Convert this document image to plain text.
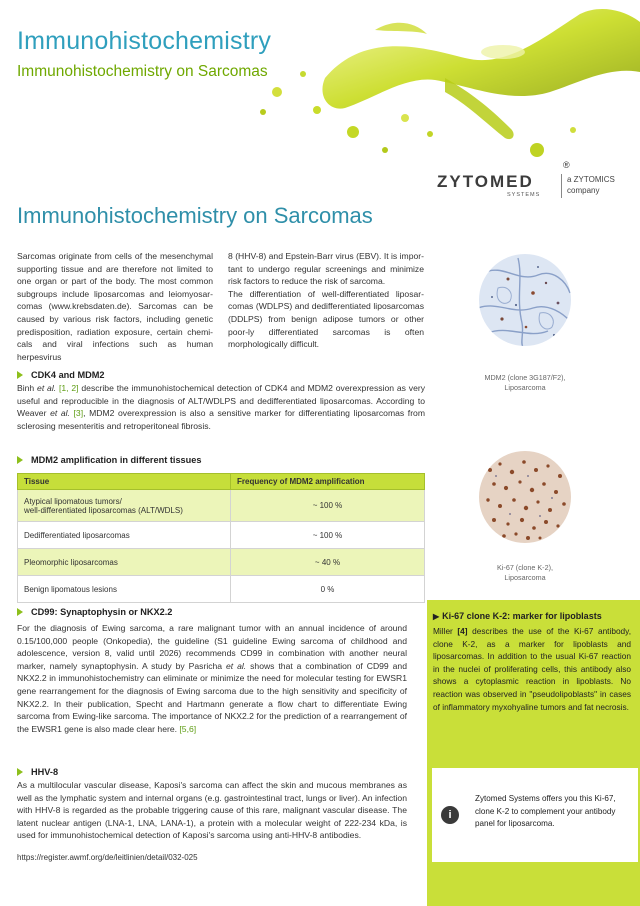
Immunohistochemistry
Immunohistochemistry on Sarcomas
ZYTOMED
®
SYSTEMS
a ZYTOMICS
company
Immunohistochemistry on Sarcomas
Sarcomas originate from cells of the mesenchymal supporting tissue and are therefore not limited to one organ or part of the body. The most common subgroups include liposarcomas and leiomyosar-comas (www.krebsdaten.de). Sarcomas can be caused by various risk factors, including genetic predisposition, radiation exposure, certain chemi-cals and viral infections such as human herpesvirus
8 (HHV-8) and Epstein-Barr virus (EBV). It is impor-tant to undergo regular screenings and minimize risk factors to reduce the risk of sarcoma.
The differentiation of well-differentiated liposar-comas (WDLPS) and dedifferentiated liposarcomas (DDLPS) from benign adipose tumors or other poor-ly differentiated sarcomas is often morphologically difficult.
MDM2 (clone 3G187/F2),
Liposarcoma
Ki-67 (clone K-2),
Liposarcoma
CDK4 and MDM2
Binh et al. [1, 2] describe the immunohistochemical detection of CDK4 and MDM2 overexpression as very useful and reproducible in the diagnosis of ALT/WDLPS and dedifferentiated liposarcomas. According to Weaver et al. [3], MDM2 overexpression is also a sensitive marker for differentiating liposarcomas from sclerosing mesenteritis and retroperitoneal fibrosis.
MDM2 amplification in different tissues
Tissue	Frequency of MDM2 amplification
Atypical lipomatous tumors/
well-differentiated liposarcomas (ALT/WDLS)	~ 100 %
Dedifferentiated liposarcomas	~ 100 %
Pleomorphic liposarcomas	~ 40 %
Benign lipomatous lesions	0 %
CD99: Synaptophysin or NKX2.2
For the diagnosis of Ewing sarcoma, a rare malignant tumor with an annual incidence of around 0.15/100,000 people (Onkopedia), the guideline (S1 guideline Ewing sarcoma of childhood and adolescence, version 8, valid until 2026) recommends CD99 in combination with another neural marker, namely synaptophysin. A study by Pasricha et al. shows that a combination of CD99 and NKX2.2 in immunohistochemistry can eliminate or minimize the need for molecular testing for EWSR1 gene rearrangement for the diagnosis of Ewing sarcoma due to the high sensitivity and specificity of NKX2.2. In their publication, Specht and Hartmann generate a flow chart to differentiate Ewing sarcoma from Ewing-like sarcoma. The importance of NKX2.2 for the prediction of a rearrangement of the EWSR1 gene is also made clear here. [5,6]
HHV-8
As a multilocular vascular disease, Kaposi's sarcoma can affect the skin and mucous membranes as well as the lymphatic system and internal organs (e.g. gastrointestinal tract, lungs or liver). An infection with HHV-8 is regarded as the probable triggering cause of this rare, malignant vascular disease. The latent nuclear antigen (LNA-1, LNA, LANA-1), a protein with a molecular weight of 222-234 kDa, is used for immunohistochemical detection of Kaposi's sarcoma using anti-HHV-8 antibodies.
https://register.awmf.org/de/leitlinien/detail/032-025
▶ Ki-67 clone K-2: marker for lipoblasts
Miller [4] describes the use of the Ki-67 antibody, clone K-2, as a marker for lipoblasts and liposarcomas. In addition to the usual Ki-67 reaction in the nuclei of proliferating cells, this antibody also shows a cytoplasmic reaction in lipoblasts. No reaction was observed in "pseudolipoblasts" in cases of inflammatory myxohyaline tumors and fat necrosis.
i
Zytomed Systems offers you this Ki-67, clone K-2 to complement your antibody panel for liposarcoma.
